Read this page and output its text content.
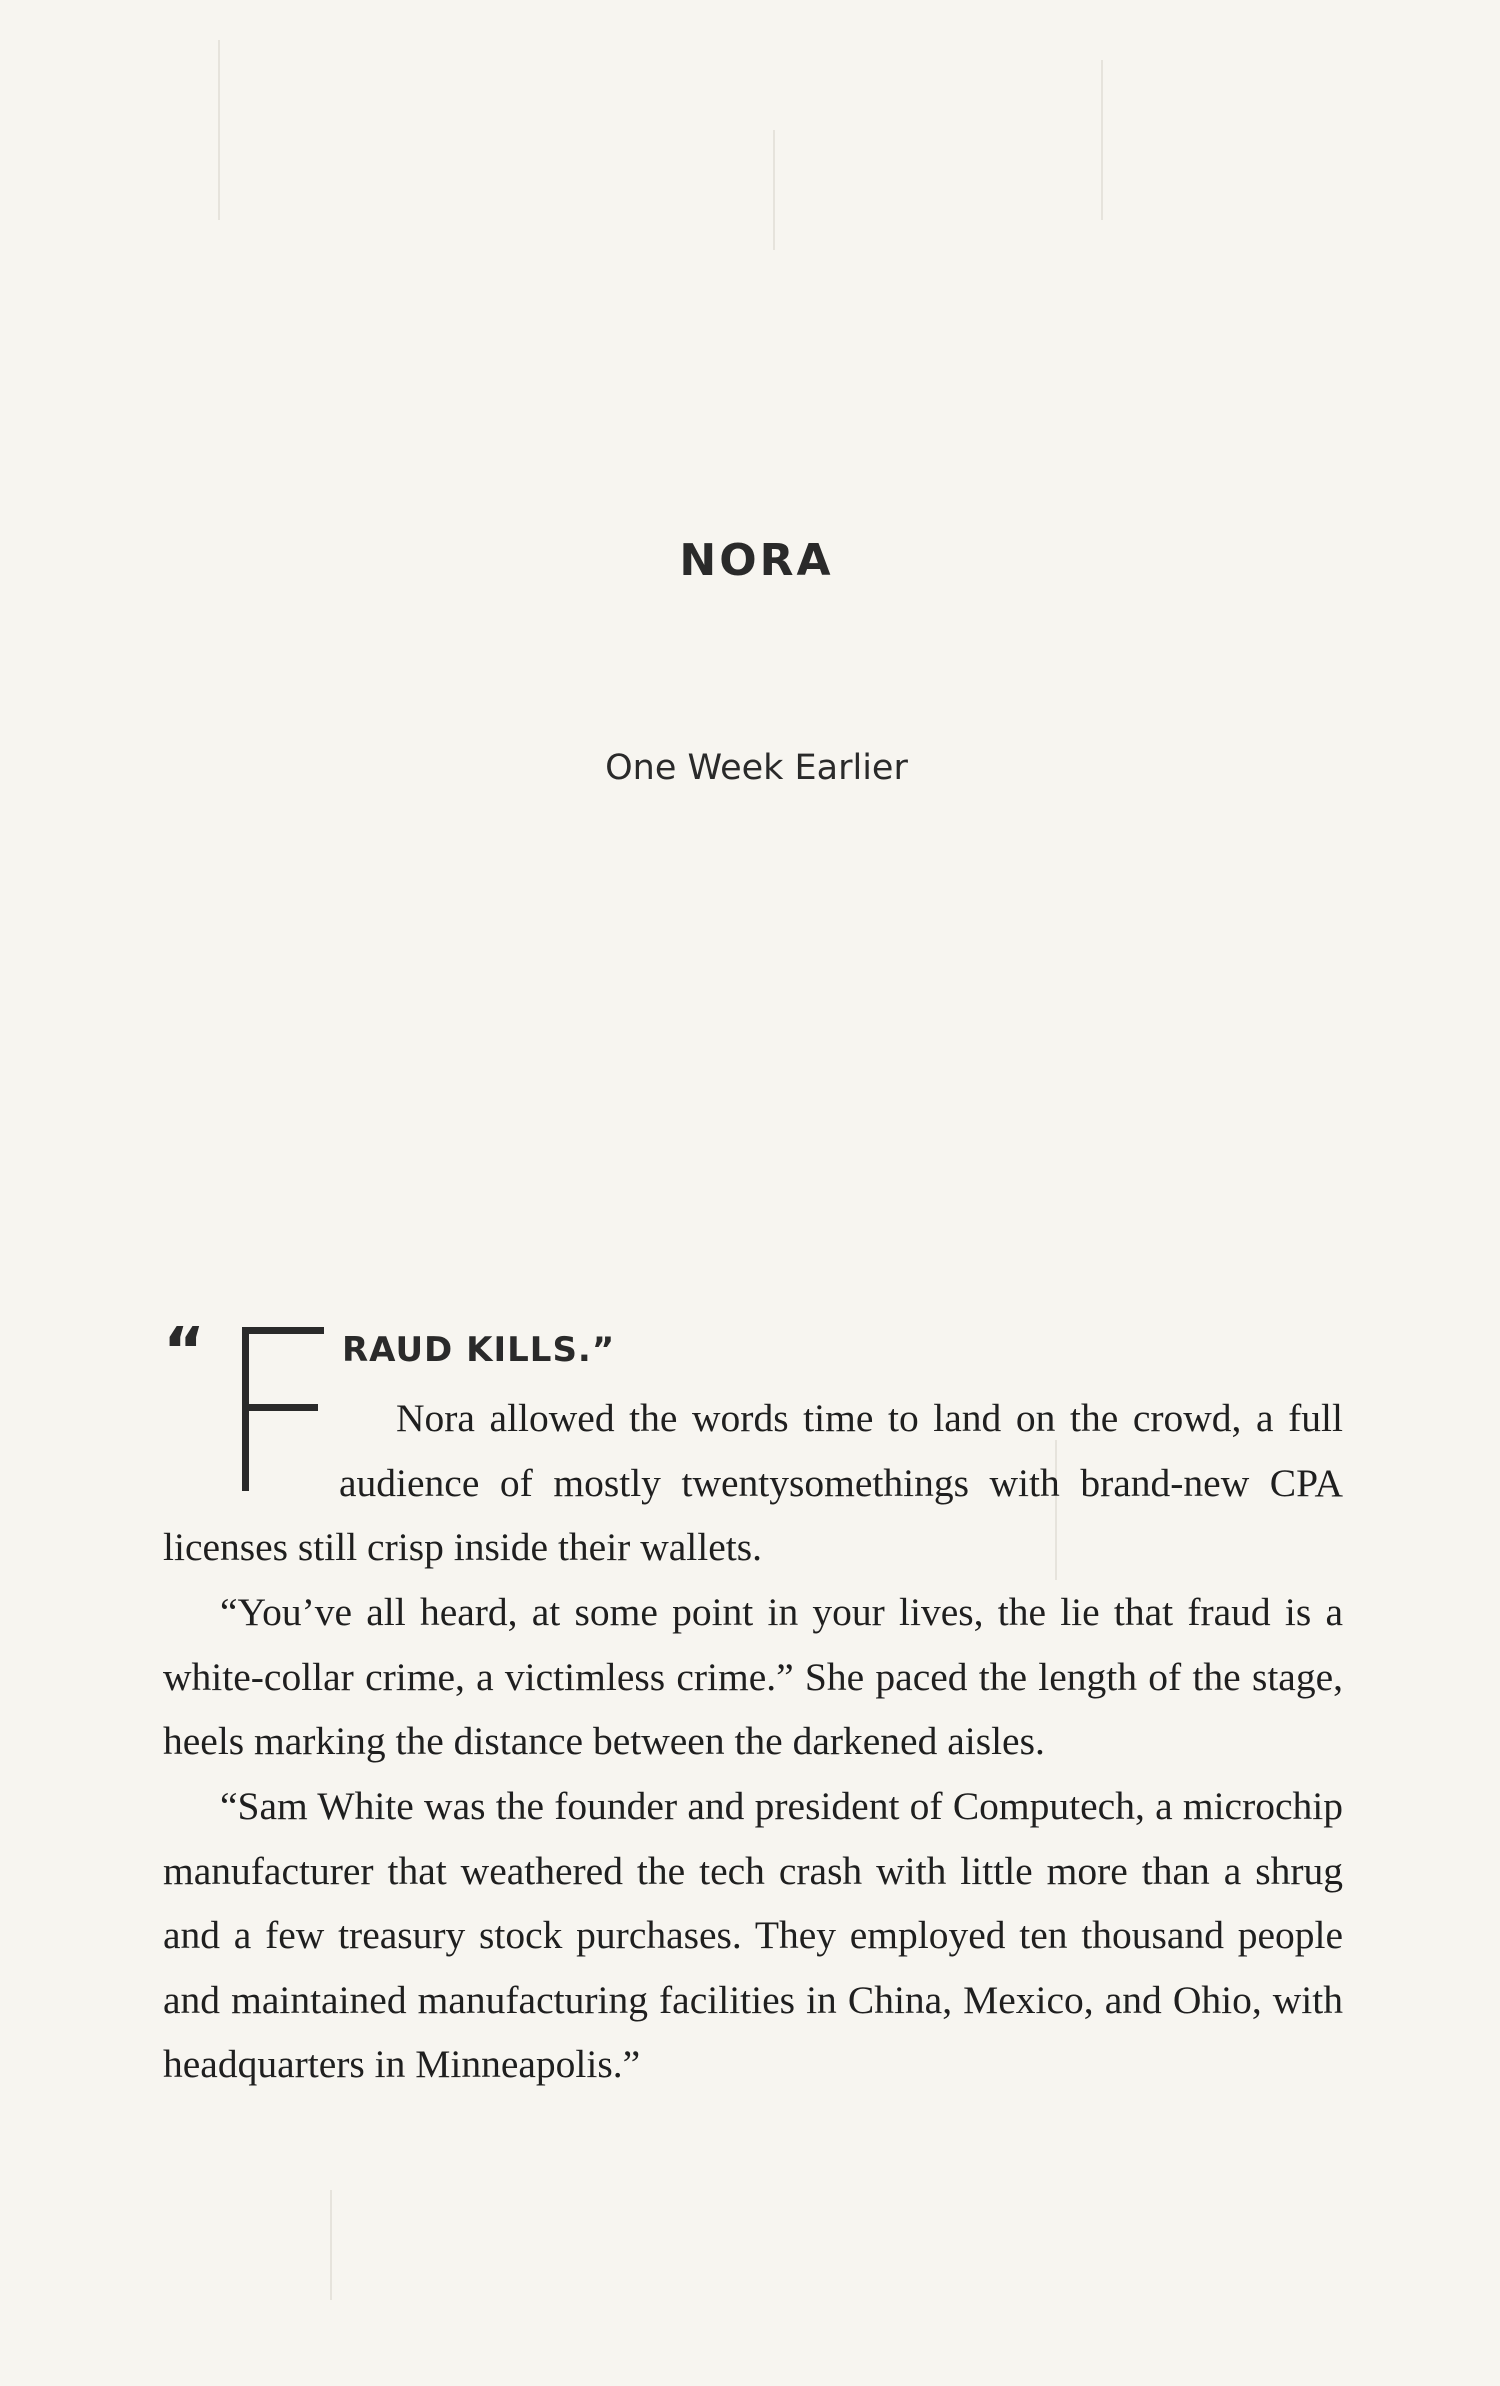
NORA
One Week Earlier
“	RAUD KILLS.”
Nora allowed the words time to land on the crowd, a full audience of mostly twentysomethings with brand-new CPA licenses still crisp inside their wallets.

“You’ve all heard, at some point in your lives, the lie that fraud is a white-collar crime, a victimless crime.” She paced the length of the stage, heels marking the distance between the darkened aisles.

“Sam White was the founder and president of Computech, a microchip manufacturer that weathered the tech crash with little more than a shrug and a few treasury stock purchases. They employed ten thousand people and maintained manufacturing facilities in China, Mexico, and Ohio, with headquarters in Minneapolis.”
